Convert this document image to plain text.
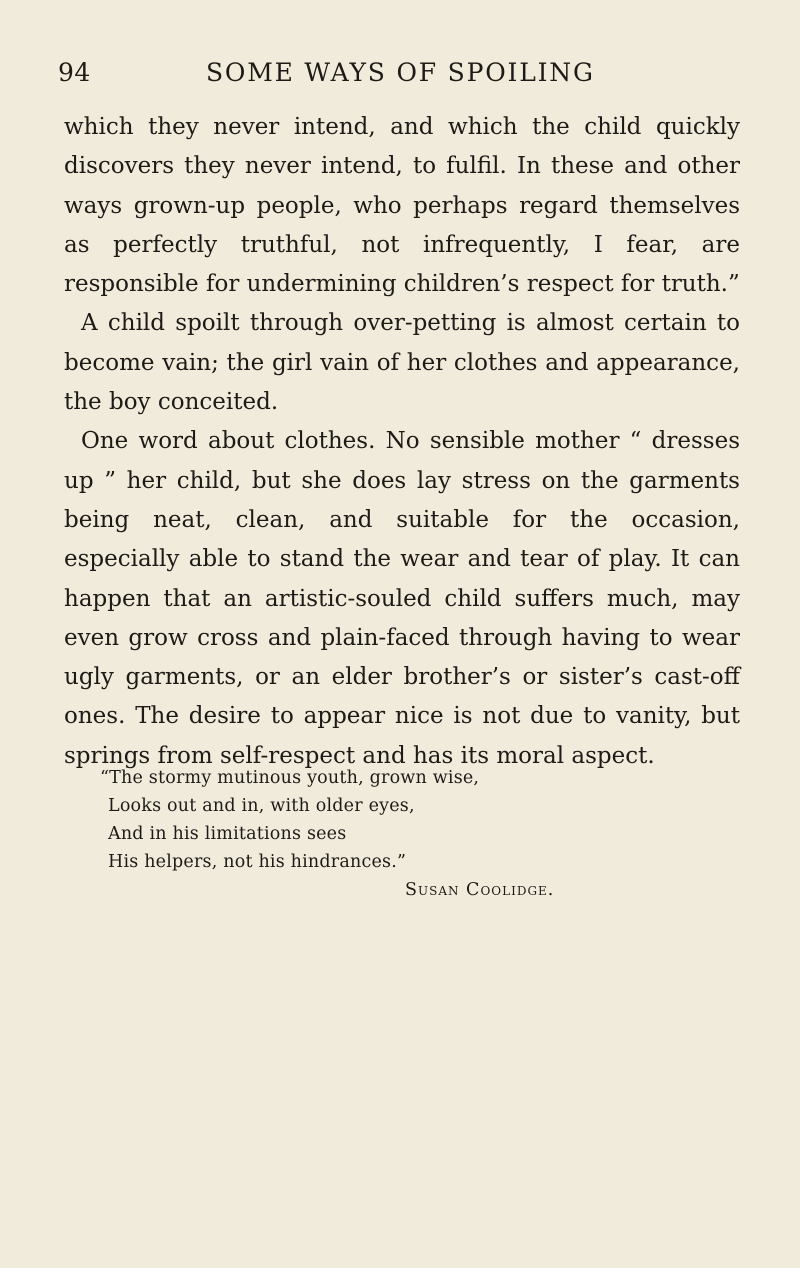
94	SOME WAYS OF SPOILING

which they never intend, and which the child quickly discovers they never intend, to fulfil. In these and other ways grown-up people, who perhaps regard themselves as perfectly truthful, not infrequently, I fear, are responsible for undermining children’s respect for truth.”

A child spoilt through over-petting is almost certain to become vain; the girl vain of her clothes and appearance, the boy conceited.

One word about clothes. No sensible mother “ dresses up ” her child, but she does lay stress on the garments being neat, clean, and suitable for the occasion, especially able to stand the wear and tear of play. It can happen that an artistic-souled child suffers much, may even grow cross and plain-faced through having to wear ugly garments, or an elder brother’s or sister’s cast-off ones. The desire to appear nice is not due to vanity, but springs from self-respect and has its moral aspect.

“The stormy mutinous youth, grown wise,
Looks out and in, with older eyes,
And in his limitations sees
His helpers, not his hindrances.”
Susan Coolidge.
